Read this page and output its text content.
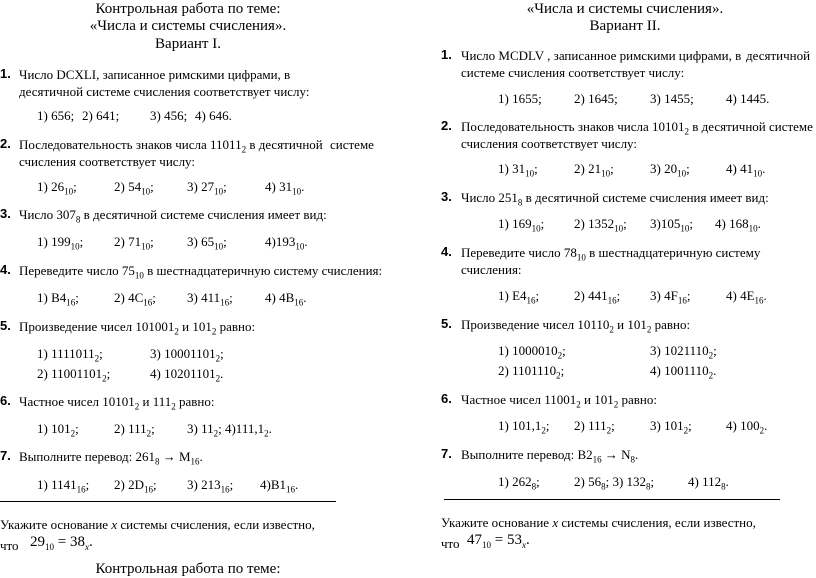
Контрольная работа по теме:
«Числа и системы счисления».
Вариант I.
1. Число DCXLI, записанное римскими цифрами, в
десятичной системе счисления соответствует числу:
1) 656; 2) 641; 3) 456; 4) 646.
2. Последовательность знаков числа $11011_2$ в десятичной системе
счисления соответствует числу:
1) $26_{10}$;	2) $54_{10}$;	3) $27_{10}$;	4) $31_{10}$.
3. Число $307_8$ в десятичной системе счисления имеет вид:
1) $199_{10}$; 2) $71_{10}$;	3) $65_{10}$;	$4)193_{10}$.
4. Переведите число $75_{10}$ в шестнадцатеричную систему счисления:
1) $B4_{16}$;	2) $4C_{16}$; 3) $411_{16}$; 4) $4B_{16}$.
5. Произведение чисел $101001_2$ и $101_2$ равно:
1) $1111011_2$;	3) $10001101_2$;
2) $11001101_2$;	4) $10201101_2$.
6. Частное чисел $10101_2$ и $111_2$ равно:
1) $101_2$;	2) $111_2$; 3) $11_2$; $4)111,1_2$.
7. Выполните перевод: $261_8 \to M_{16}$.
1) $1141_{16}$; 2) $2D_{16}$; 3) $213_{16}$; $4)B1_{16}$.
Укажите основание x системы счисления, если известно,
что $29_{10} = 38_x$.
Контрольная работа по теме:
«Числа и системы счисления».
Вариант II.
1. Число MCDLV , записанное римскими цифрами, в десятичной
системе счисления соответствует числу:
1) 1655; 2) 1645; 3) 1455; 4) 1445.
2. Последовательность знаков числа $10101_2$ в десятичной системе
счисления соответствует числу:
1) $31_{10}$;	2) $21_{10}$;	3) $20_{10}$;	4) $41_{10}$.
3. Число $251_8$ в десятичной системе счисления имеет вид:
1) $169_{10}$; 2) $1352_{10}$; $3)105_{10}$; 4) $168_{10}$.
4. Переведите число $78_{10}$ в шестнадцатеричную систему
счисления:
1) $E4_{16}$;	2) $441_{16}$; 3) $4F_{16}$;	4) $4E_{16}$.
5. Произведение чисел $10110_2$ и $101_2$ равно:
1) $1000010_2$;	3) $1021110_2$;
2) $1101110_2$;	4) $1001110_2$.
6. Частное чисел $11001_2$ и $101_2$ равно:
1) $101,1_2$; 2) $111_2$;	3) $101_2$;	4) $100_2$.
7. Выполните перевод: $B2_{16} \to N_8$.
1) $262_8$;	2) $56_8$; 3) $132_8$;	4) $112_8$.
Укажите основание x системы счисления, если известно,
что $47_{10} = 53_x$.
